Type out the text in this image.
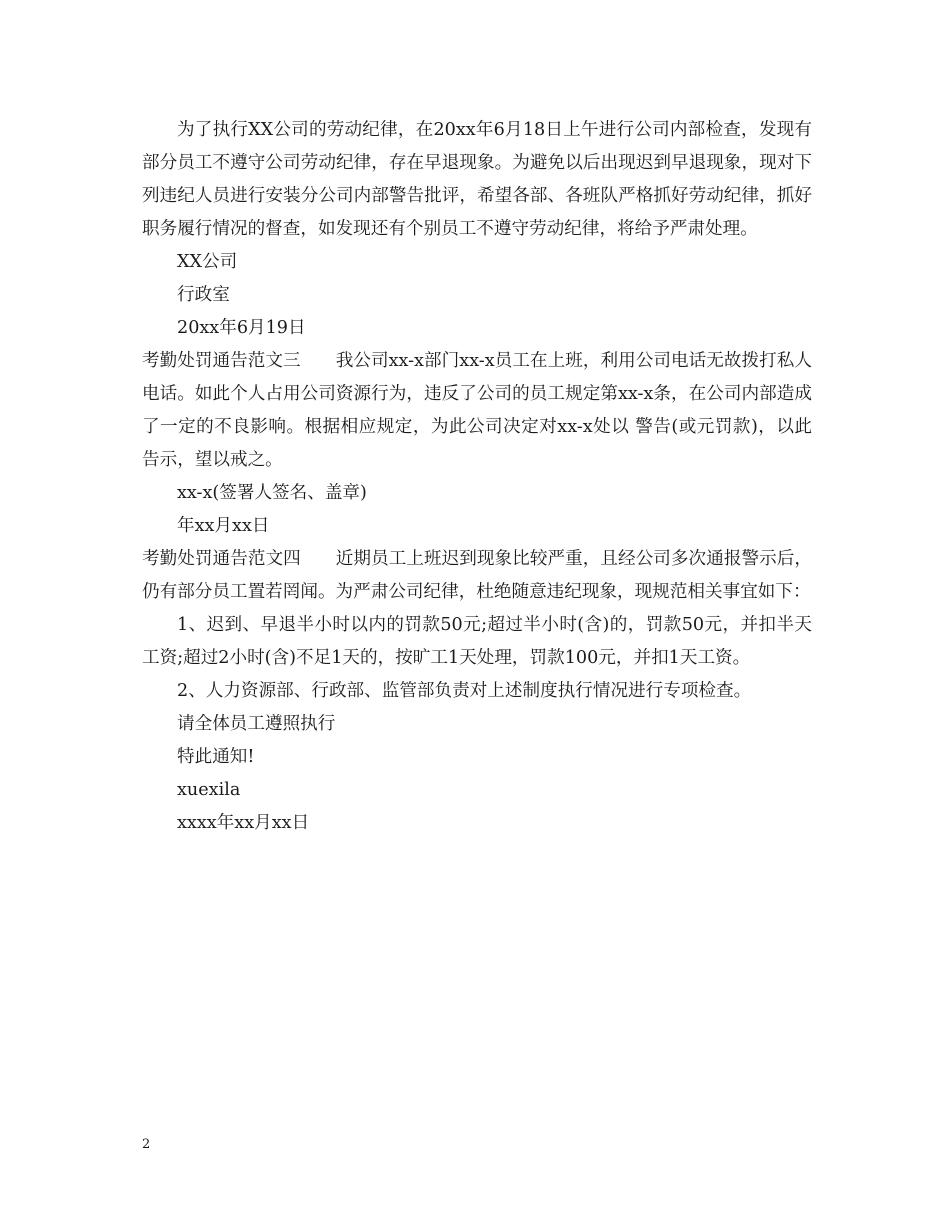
为了执行XX公司的劳动纪律，在20xx年6月18日上午进行公司内部检查，发现有部分员工不遵守公司劳动纪律，存在早退现象。为避免以后出现迟到早退现象，现对下列违纪人员进行安装分公司内部警告批评，希望各部、各班队严格抓好劳动纪律，抓好职务履行情况的督查，如发现还有个别员工不遵守劳动纪律，将给予严肃处理。

XX公司

行政室

20xx年6月19日

考勤处罚通告范文三 我公司xx-x部门xx-x员工在上班，利用公司电话无故拨打私人电话。如此个人占用公司资源行为，违反了公司的员工规定第xx-x条，在公司内部造成了一定的不良影响。根据相应规定，为此公司决定对xx-x处以 警告(或元罚款)，以此告示，望以戒之。

xx-x(签署人签名、盖章)

年xx月xx日

考勤处罚通告范文四 近期员工上班迟到现象比较严重，且经公司多次通报警示后，仍有部分员工置若罔闻。为严肃公司纪律，杜绝随意违纪现象，现规范相关事宜如下：

1、迟到、早退半小时以内的罚款50元;超过半小时(含)的，罚款50元，并扣半天工资;超过2小时(含)不足1天的，按旷工1天处理，罚款100元，并扣1天工资。

2、人力资源部、行政部、监管部负责对上述制度执行情况进行专项检查。

请全体员工遵照执行

特此通知!

xuexila

xxxx年xx月xx日

2
